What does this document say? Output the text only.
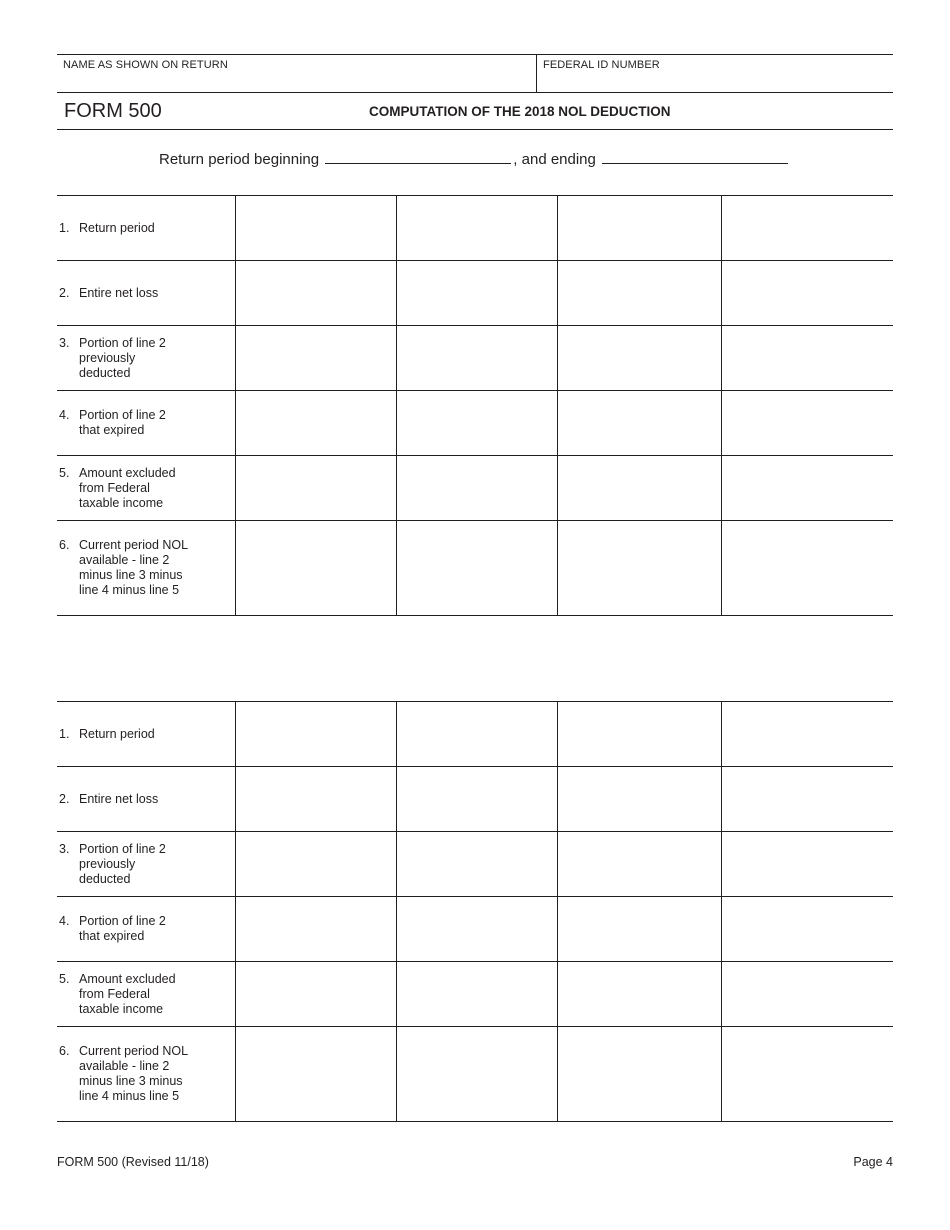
NAME AS SHOWN ON RETURN	FEDERAL ID NUMBER
FORM 500	COMPUTATION OF THE 2018 NOL DEDUCTION
Return period beginning	, and ending
1. Return period				

2. Entire net loss				

3. Portion of line 2 previously deducted				

4. Portion of line 2 that expired				

5. Amount excluded from Federal taxable income				

6. Current period NOL available - line 2 minus line 3 minus line 4 minus line 5				

1. Return period				

2. Entire net loss				

3. Portion of line 2 previously deducted				

4. Portion of line 2 that expired				

5. Amount excluded from Federal taxable income				

6. Current period NOL available - line 2 minus line 3 minus line 4 minus line 5				

FORM 500 (Revised 11/18)	Page 4
